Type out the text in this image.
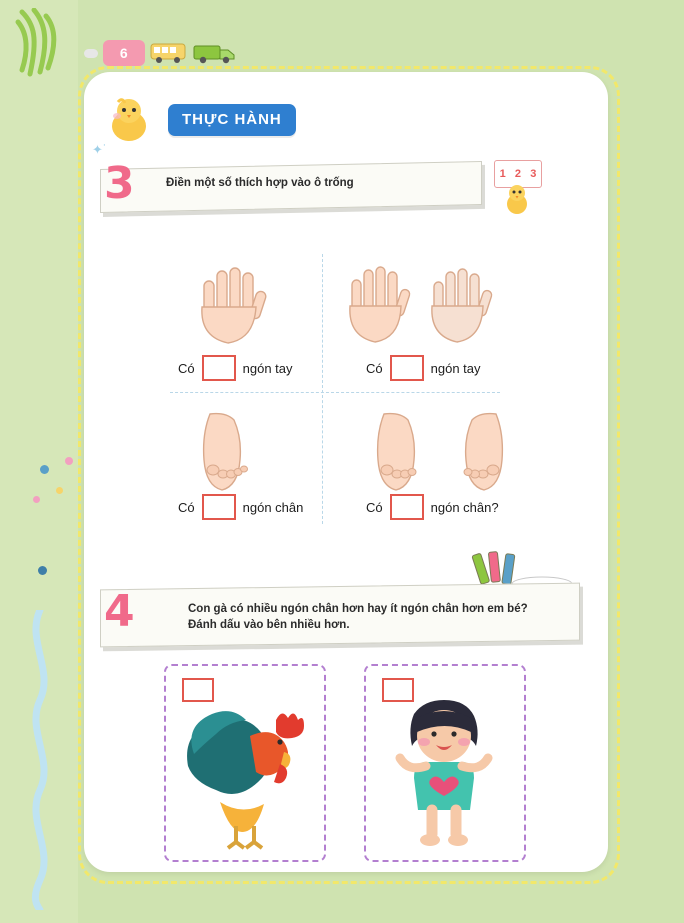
6
THỰC HÀNH
✦˙
3	Điền một số thích hợp vào ô trống
1 2 3
Có	ngón tay	Có	ngón tay
Có	ngón chân	Có	ngón chân?
4	Con gà có nhiều ngón chân hơn hay ít ngón chân hơn em bé?
Đánh dấu vào bên nhiều hơn.
